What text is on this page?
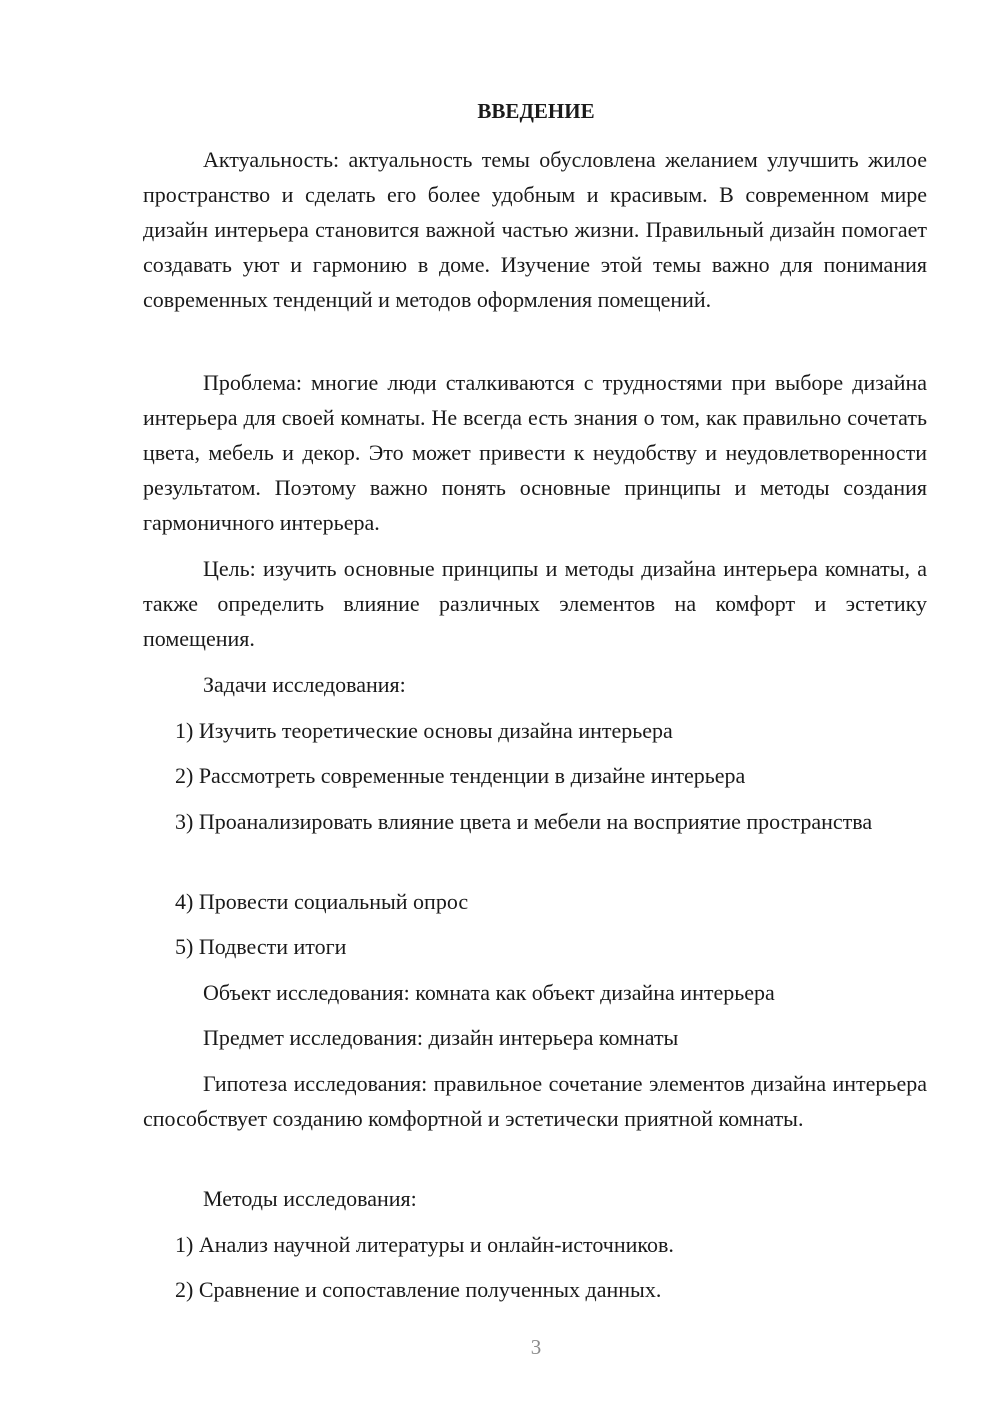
ВВЕДЕНИЕ

Актуальность: актуальность темы обусловлена желанием улучшить жилое пространство и сделать его более удобным и красивым. В современном мире дизайн интерьера становится важной частью жизни. Правильный дизайн помогает создавать уют и гармонию в доме. Изучение этой темы важно для понимания современных тенденций и методов оформления помещений.

Проблема: многие люди сталкиваются с трудностями при выборе дизайна интерьера для своей комнаты. Не всегда есть знания о том, как правильно сочетать цвета, мебель и декор. Это может привести к неудобству и неудовлетворенности результатом. Поэтому важно понять основные принципы и методы создания гармоничного интерьера.

Цель: изучить основные принципы и методы дизайна интерьера комнаты, а также определить влияние различных элементов на комфорт и эстетику помещения.

Задачи исследования:

1) Изучить теоретические основы дизайна интерьера

2) Рассмотреть современные тенденции в дизайне интерьера

3) Проанализировать влияние цвета и мебели на восприятие пространства

4) Провести социальный опрос

5) Подвести итоги

Объект исследования: комната как объект дизайна интерьера

Предмет исследования: дизайн интерьера комнаты

Гипотеза исследования: правильное сочетание элементов дизайна интерьера способствует созданию комфортной и эстетически приятной комнаты.

Методы исследования:

1) Анализ научной литературы и онлайн-источников.

2) Сравнение и сопоставление полученных данных.

3
